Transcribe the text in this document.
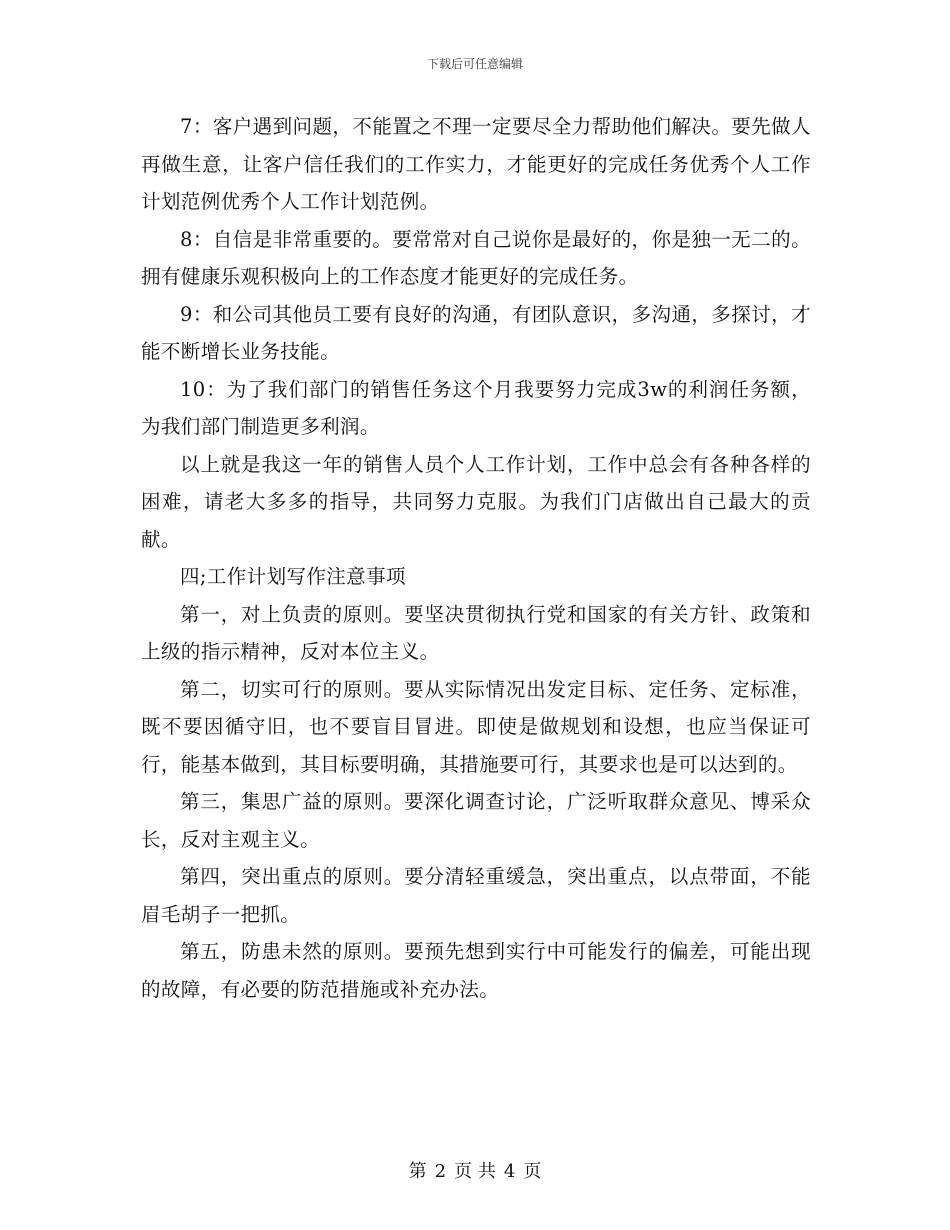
下载后可任意编辑

7：客户遇到问题，不能置之不理一定要尽全力帮助他们解决。要先做人再做生意，让客户信任我们的工作实力，才能更好的完成任务优秀个人工作计划范例优秀个人工作计划范例。

8：自信是非常重要的。要常常对自己说你是最好的，你是独一无二的。拥有健康乐观积极向上的工作态度才能更好的完成任务。

9：和公司其他员工要有良好的沟通，有团队意识，多沟通，多探讨，才能不断增长业务技能。

10：为了我们部门的销售任务这个月我要努力完成3w的利润任务额，为我们部门制造更多利润。

以上就是我这一年的销售人员个人工作计划，工作中总会有各种各样的困难，请老大多多的指导，共同努力克服。为我们门店做出自己最大的贡献。

四;工作计划写作注意事项

第一，对上负责的原则。要坚决贯彻执行党和国家的有关方针、政策和上级的指示精神，反对本位主义。

第二，切实可行的原则。要从实际情况出发定目标、定任务、定标准，既不要因循守旧，也不要盲目冒进。即使是做规划和设想，也应当保证可行，能基本做到，其目标要明确，其措施要可行，其要求也是可以达到的。

第三，集思广益的原则。要深化调查讨论，广泛听取群众意见、博采众长，反对主观主义。

第四，突出重点的原则。要分清轻重缓急，突出重点，以点带面，不能眉毛胡子一把抓。

第五，防患未然的原则。要预先想到实行中可能发行的偏差，可能出现的故障，有必要的防范措施或补充办法。

第 2 页 共 4 页
